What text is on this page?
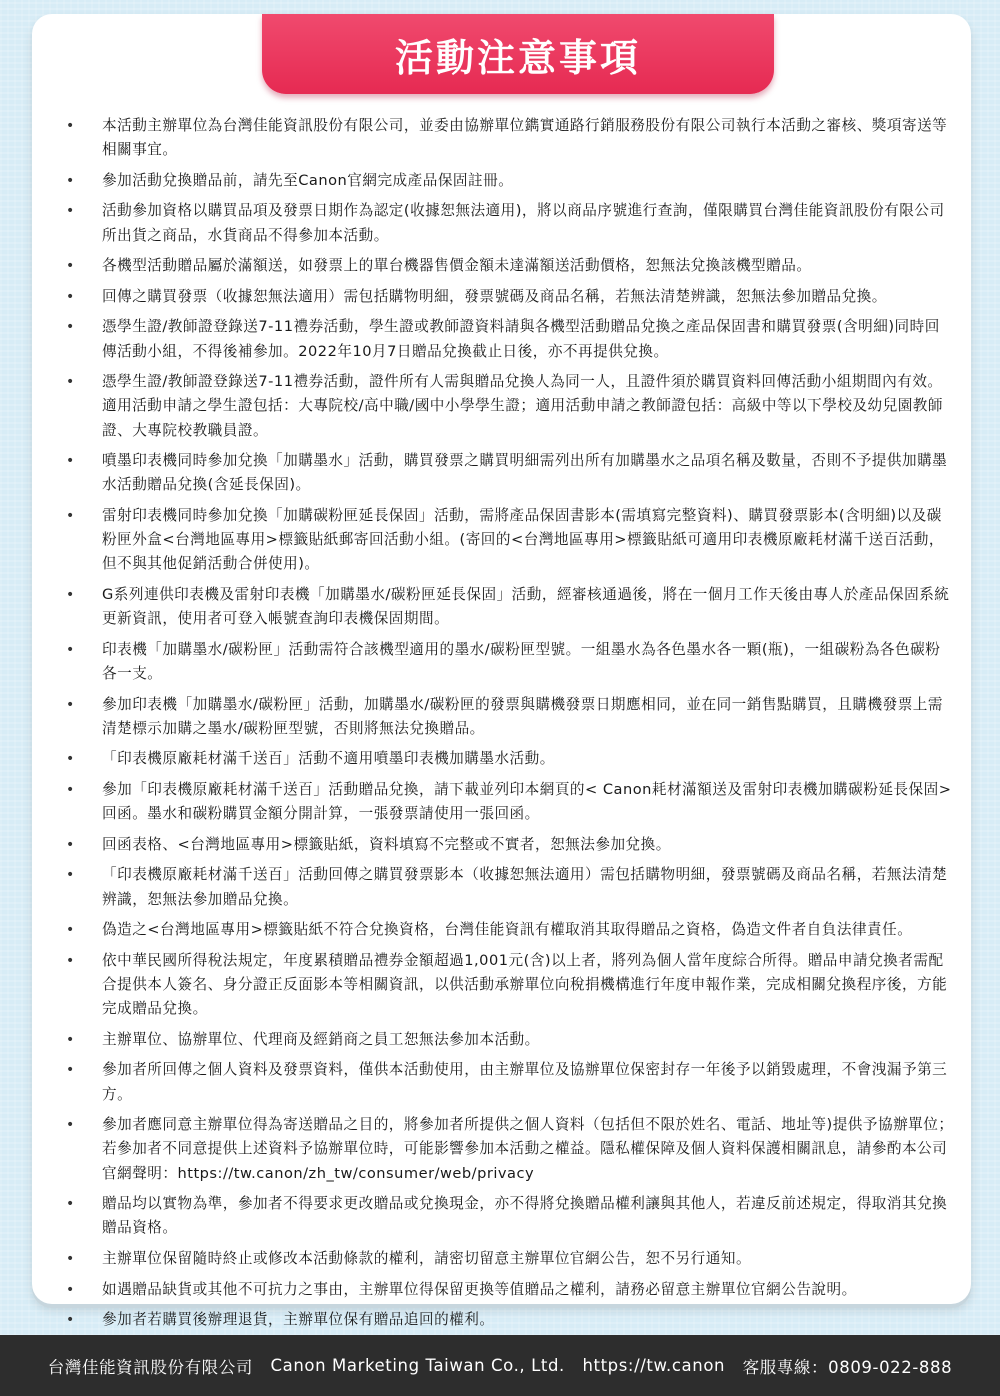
活動注意事項
• 本活動主辦單位為台灣佳能資訊股份有限公司，並委由協辦單位鐫實通路行銷服務股份有限公司執行本活動之審核、獎項寄送等相關事宜。
• 參加活動兌換贈品前，請先至Canon官網完成產品保固註冊。
• 活動參加資格以購買品項及發票日期作為認定(收據恕無法適用)，將以商品序號進行查詢，僅限購買台灣佳能資訊股份有限公司所出貨之商品，水貨商品不得參加本活動。
• 各機型活動贈品屬於滿額送，如發票上的單台機器售價金額未達滿額送活動價格，恕無法兌換該機型贈品。
• 回傳之購買發票（收據恕無法適用）需包括購物明細，發票號碼及商品名稱，若無法清楚辨識，恕無法參加贈品兌換。
• 憑學生證/教師證登錄送7-11禮券活動，學生證或教師證資料請與各機型活動贈品兌換之產品保固書和購買發票(含明細)同時回傳活動小組，不得後補參加。2022年10月7日贈品兌換截止日後，亦不再提供兌換。
• 憑學生證/教師證登錄送7-11禮券活動，證件所有人需與贈品兌換人為同一人，且證件須於購買資料回傳活動小組期間內有效。適用活動申請之學生證包括：大專院校/高中職/國中小學學生證；適用活動申請之教師證包括：高級中等以下學校及幼兒園教師證、大專院校教職員證。
• 噴墨印表機同時參加兌換「加購墨水」活動，購買發票之購買明細需列出所有加購墨水之品項名稱及數量，否則不予提供加購墨水活動贈品兌換(含延長保固)。
• 雷射印表機同時參加兌換「加購碳粉匣延長保固」活動，需將產品保固書影本(需填寫完整資料)、購買發票影本(含明細)以及碳粉匣外盒<台灣地區專用>標籤貼紙郵寄回活動小組。(寄回的<台灣地區專用>標籤貼紙可適用印表機原廠耗材滿千送百活動，但不與其他促銷活動合併使用)。
• G系列連供印表機及雷射印表機「加購墨水/碳粉匣延長保固」活動，經審核通過後，將在一個月工作天後由專人於產品保固系統更新資訊，使用者可登入帳號查詢印表機保固期間。
• 印表機「加購墨水/碳粉匣」活動需符合該機型適用的墨水/碳粉匣型號。一組墨水為各色墨水各一顆(瓶)，一組碳粉為各色碳粉各一支。
• 參加印表機「加購墨水/碳粉匣」活動，加購墨水/碳粉匣的發票與購機發票日期應相同，並在同一銷售點購買，且購機發票上需清楚標示加購之墨水/碳粉匣型號，否則將無法兌換贈品。
• 「印表機原廠耗材滿千送百」活動不適用噴墨印表機加購墨水活動。
• 參加「印表機原廠耗材滿千送百」活動贈品兌換，請下載並列印本網頁的< Canon耗材滿額送及雷射印表機加購碳粉延長保固>回函。墨水和碳粉購買金額分開計算，一張發票請使用一張回函。
• 回函表格、<台灣地區專用>標籤貼紙，資料填寫不完整或不實者，恕無法參加兌換。
• 「印表機原廠耗材滿千送百」活動回傳之購買發票影本（收據恕無法適用）需包括購物明細，發票號碼及商品名稱，若無法清楚辨識，恕無法參加贈品兌換。
• 偽造之<台灣地區專用>標籤貼紙不符合兌換資格，台灣佳能資訊有權取消其取得贈品之資格，偽造文件者自負法律責任。
• 依中華民國所得稅法規定，年度累積贈品禮券金額超過1,001元(含)以上者，將列為個人當年度綜合所得。贈品申請兌換者需配合提供本人簽名、身分證正反面影本等相關資訊，以供活動承辦單位向稅捐機構進行年度申報作業，完成相關兌換程序後，方能完成贈品兌換。
• 主辦單位、協辦單位、代理商及經銷商之員工恕無法參加本活動。
• 參加者所回傳之個人資料及發票資料，僅供本活動使用，由主辦單位及協辦單位保密封存一年後予以銷毀處理，不會洩漏予第三方。
• 參加者應同意主辦單位得為寄送贈品之目的，將參加者所提供之個人資料（包括但不限於姓名、電話、地址等)提供予協辦單位；若參加者不同意提供上述資料予協辦單位時，可能影響參加本活動之權益。隱私權保障及個人資料保護相關訊息，請參酌本公司官網聲明：https://tw.canon/zh_tw/consumer/web/privacy
• 贈品均以實物為準，參加者不得要求更改贈品或兌換現金，亦不得將兌換贈品權利讓與其他人，若違反前述規定，得取消其兌換贈品資格。
• 主辦單位保留隨時終止或修改本活動條款的權利，請密切留意主辦單位官網公告，恕不另行通知。
• 如遇贈品缺貨或其他不可抗力之事由，主辦單位得保留更換等值贈品之權利，請務必留意主辦單位官網公告說明。
• 參加者若購買後辦理退貨，主辦單位保有贈品追回的權利。
•
台灣佳能資訊股份有限公司
Canon Marketing Taiwan Co., Ltd.
https://tw.canon
客服專線：0809-022-888
